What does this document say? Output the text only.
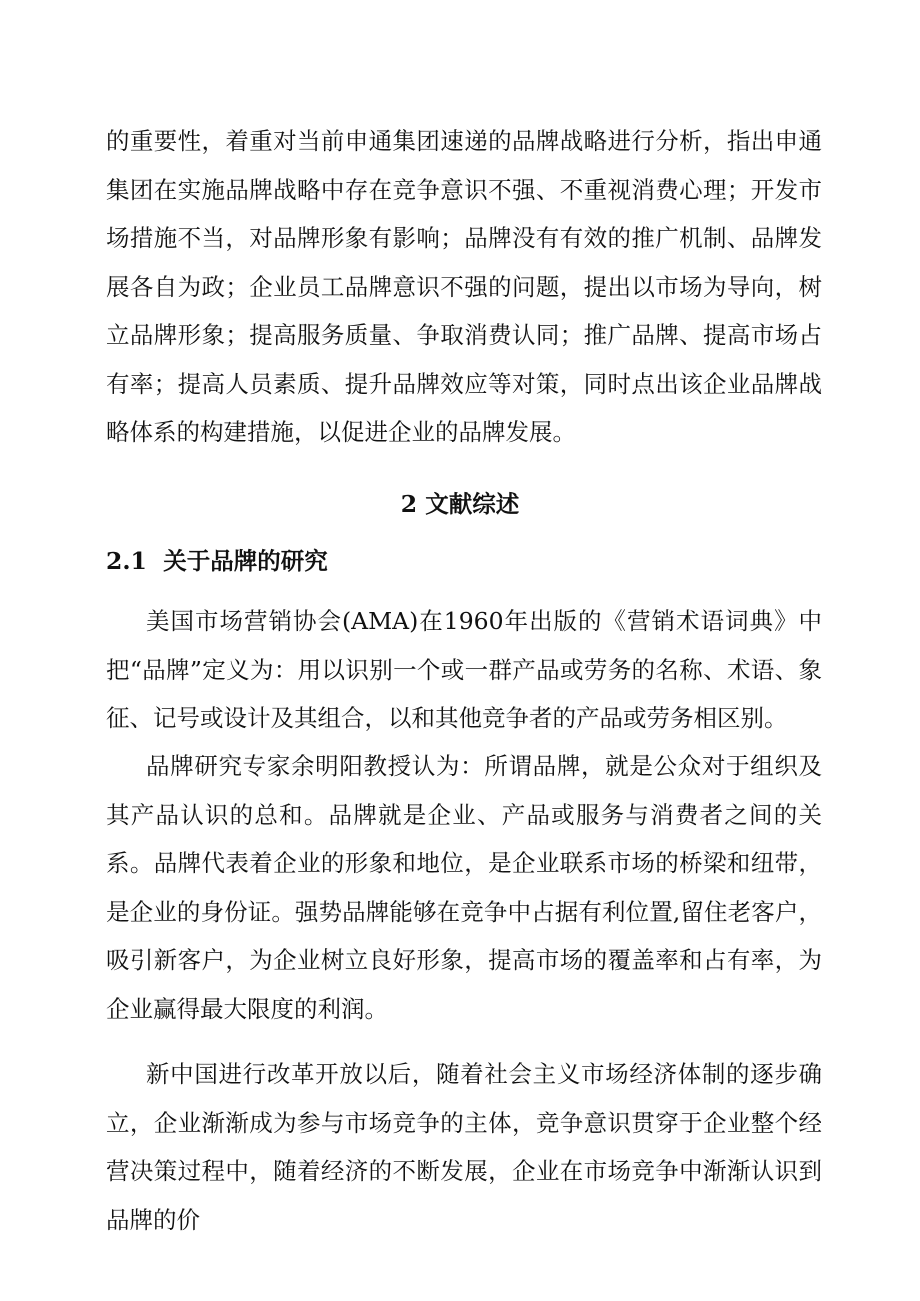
的重要性，着重对当前申通集团速递的品牌战略进行分析，指出申通集团在实施品牌战略中存在竞争意识不强、不重视消费心理；开发市场措施不当，对品牌形象有影响；品牌没有有效的推广机制、品牌发展各自为政；企业员工品牌意识不强的问题，提出以市场为导向，树立品牌形象；提高服务质量、争取消费认同；推广品牌、提高市场占有率；提高人员素质、提升品牌效应等对策，同时点出该企业品牌战略体系的构建措施，以促进企业的品牌发展。

2 文献综述
2.1  关于品牌的研究

美国市场营销协会(AMA)在1960年出版的《营销术语词典》中把“品牌”定义为：用以识别一个或一群产品或劳务的名称、术语、象征、记号或设计及其组合，以和其他竞争者的产品或劳务相区别。

品牌研究专家余明阳教授认为：所谓品牌，就是公众对于组织及其产品认识的总和。品牌就是企业、产品或服务与消费者之间的关系。品牌代表着企业的形象和地位，是企业联系市场的桥梁和纽带，是企业的身份证。强势品牌能够在竞争中占据有利位置,留住老客户，吸引新客户，为企业树立良好形象，提高市场的覆盖率和占有率，为企业赢得最大限度的利润。

新中国进行改革开放以后，随着社会主义市场经济体制的逐步确立，企业渐渐成为参与市场竞争的主体，竞争意识贯穿于企业整个经营决策过程中，随着经济的不断发展，企业在市场竞争中渐渐认识到品牌的价
